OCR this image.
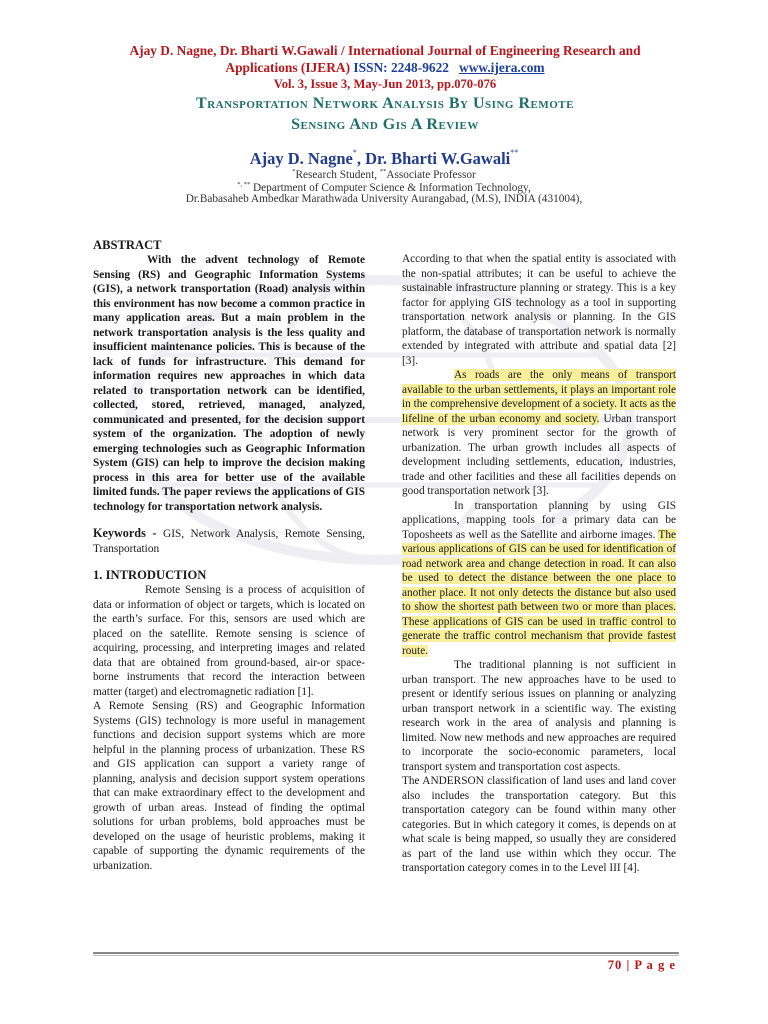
Ajay D. Nagne, Dr. Bharti W.Gawali / International Journal of Engineering Research and
Applications (IJERA) ISSN: 2248-9622 www.ijera.com
Vol. 3, Issue 3, May-Jun 2013, pp.070-076
Transportation Network Analysis By Using Remote
Sensing And Gis A Review
Ajay D. Nagne*, Dr. Bharti W.Gawali**
*Research Student, **Associate Professor
*, ** Department of Computer Science & Information Technology,
Dr.Babasaheb Ambedkar Marathwada University Aurangabad, (M.S), INDIA (431004),

ABSTRACT

With the advent technology of Remote Sensing (RS) and Geographic Information Systems (GIS), a network transportation (Road) analysis within this environment has now become a common practice in many application areas. But a main problem in the network transportation analysis is the less quality and insufficient maintenance policies. This is because of the lack of funds for infrastructure. This demand for information requires new approaches in which data related to transportation network can be identified, collected, stored, retrieved, managed, analyzed, communicated and presented, for the decision support system of the organization. The adoption of newly emerging technologies such as Geographic Information System (GIS) can help to improve the decision making process in this area for better use of the available limited funds. The paper reviews the applications of GIS technology for transportation network analysis.

Keywords - GIS, Network Analysis, Remote Sensing, Transportation

1. INTRODUCTION

Remote Sensing is a process of acquisition of data or information of object or targets, which is located on the earth’s surface. For this, sensors are used which are placed on the satellite. Remote sensing is science of acquiring, processing, and interpreting images and related data that are obtained from ground-based, air-or space-borne instruments that record the interaction between matter (target) and electromagnetic radiation [1].

A Remote Sensing (RS) and Geographic Information Systems (GIS) technology is more useful in management functions and decision support systems which are more helpful in the planning process of urbanization. These RS and GIS application can support a variety range of planning, analysis and decision support system operations that can make extraordinary effect to the development and growth of urban areas. Instead of finding the optimal solutions for urban problems, bold approaches must be developed on the usage of heuristic problems, making it capable of supporting the dynamic requirements of the urbanization.

According to that when the spatial entity is associated with the non-spatial attributes; it can be useful to achieve the sustainable infrastructure planning or strategy. This is a key factor for applying GIS technology as a tool in supporting transportation network analysis or planning. In the GIS platform, the database of transportation network is normally extended by integrated with attribute and spatial data [2] [3].

As roads are the only means of transport available to the urban settlements, it plays an important role in the comprehensive development of a society. It acts as the lifeline of the urban economy and society. Urban transport network is very prominent sector for the growth of urbanization. The urban growth includes all aspects of development including settlements, education, industries, trade and other facilities and these all facilities depends on good transportation network [3].

In transportation planning by using GIS applications, mapping tools for a primary data can be Toposheets as well as the Satellite and airborne images. The various applications of GIS can be used for identification of road network area and change detection in road. It can also be used to detect the distance between the one place to another place. It not only detects the distance but also used to show the shortest path between two or more than places. These applications of GIS can be used in traffic control to generate the traffic control mechanism that provide fastest route.

The traditional planning is not sufficient in urban transport. The new approaches have to be used to present or identify serious issues on planning or analyzing urban transport network in a scientific way. The existing research work in the area of analysis and planning is limited. Now new methods and new approaches are required to incorporate the socio-economic parameters, local transport system and transportation cost aspects.

The ANDERSON classification of land uses and land cover also includes the transportation category. But this transportation category can be found within many other categories. But in which category it comes, is depends on at what scale is being mapped, so usually they are considered as part of the land use within which they occur. The transportation category comes in to the Level III [4].

70 | P a g e
